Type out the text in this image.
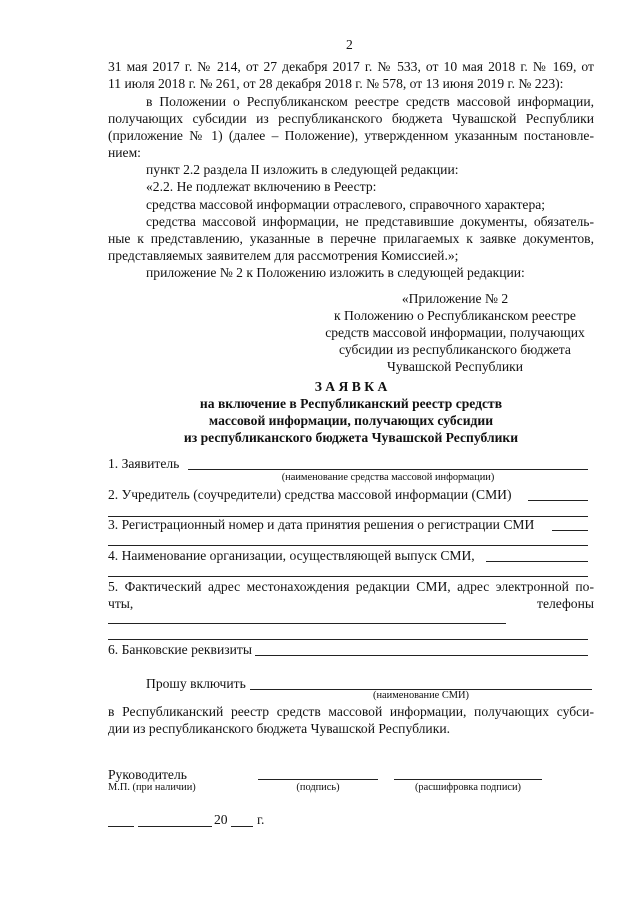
2
31 мая 2017 г. № 214, от 27 декабря 2017 г. № 533, от 10 мая 2018 г. № 169, от
11 июля 2018 г. № 261, от 28 декабря 2018 г. № 578, от 13 июня 2019 г. № 223):
в Положении о Республиканском реестре средств массовой информации,
получающих субсидии из республиканского бюджета Чувашской Республики
(приложение № 1) (далее – Положение), утвержденном указанным постановле-
нием:
пункт 2.2 раздела II изложить в следующей редакции:
«2.2. Не подлежат включению в Реестр:
средства массовой информации отраслевого, справочного характера;
средства массовой информации, не представившие документы, обязатель-
ные к представлению, указанные в перечне прилагаемых к заявке документов,
представляемых заявителем для рассмотрения Комиссией.»;
приложение № 2 к Положению изложить в следующей редакции:
«Приложение № 2
к Положению о Республиканском реестре
средств массовой информации, получающих
субсидии из республиканского бюджета
Чувашской Республики
З А Я В К А
на включение в Республиканский реестр средств
массовой информации, получающих субсидии
из республиканского бюджета Чувашской Республики
1. Заявитель
(наименование средства массовой информации)
2. Учредитель (соучредители) средства массовой информации (СМИ)
3. Регистрационный номер и дата принятия решения о регистрации СМИ
4. Наименование организации, осуществляющей выпуск СМИ,
5. Фактический адрес местонахождения редакции СМИ, адрес электронной по-
чты,	телефоны
6. Банковские реквизиты
Прошу включить
(наименование СМИ)
в Республиканский реестр средств массовой информации, получающих субси-
дии из республиканского бюджета Чувашской Республики.
Руководитель
М.П. (при наличии)	(подпись)	(расшифровка подписи)
20 г.
